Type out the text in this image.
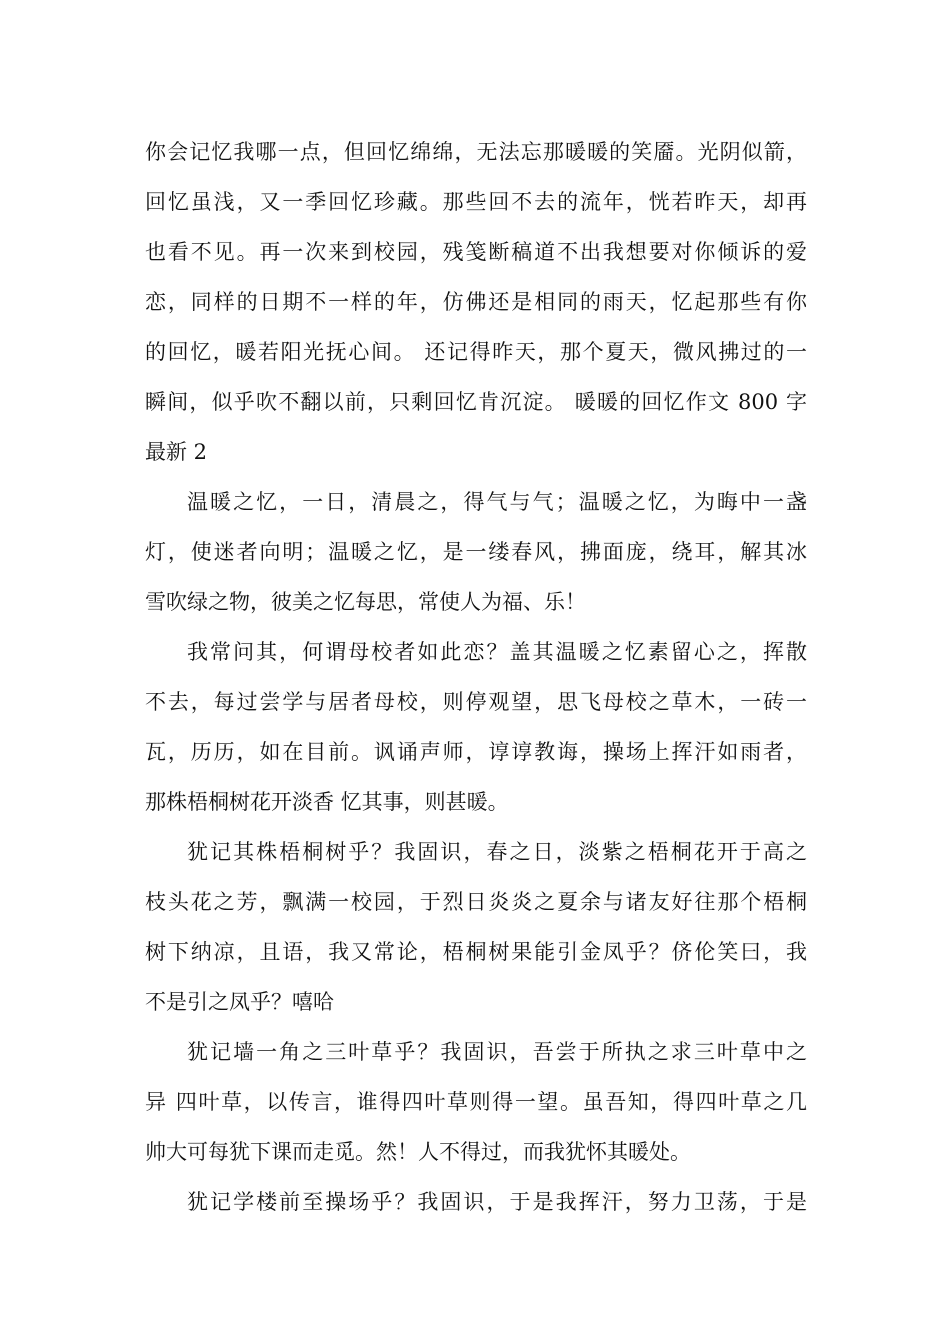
你会记忆我哪一点，但回忆绵绵，无法忘那暖暖的笑靥。光阴似箭，
回忆虽浅，又一季回忆珍藏。那些回不去的流年，恍若昨天，却再
也看不见。再一次来到校园，残笺断稿道不出我想要对你倾诉的爱
恋，同样的日期不一样的年，仿佛还是相同的雨天，忆起那些有你
的回忆，暖若阳光抚心间。 还记得昨天，那个夏天，微风拂过的一
瞬间，似乎吹不翻以前，只剩回忆肯沉淀。 暖暖的回忆作文 800 字
最新 2
温暖之忆，一日，清晨之，得气与气；温暖之忆，为晦中一盏
灯，使迷者向明；温暖之忆，是一缕春风，拂面庞，绕耳，解其冰
雪吹绿之物，彼美之忆每思，常使人为福、乐！
我常问其，何谓母校者如此恋？盖其温暖之忆素留心之，挥散
不去，每过尝学与居者母校，则停观望，思飞母校之草木，一砖一
瓦，历历，如在目前。讽诵声师，谆谆教诲，操场上挥汗如雨者，
那株梧桐树花开淡香 忆其事，则甚暖。
犹记其株梧桐树乎？我固识，春之日，淡紫之梧桐花开于高之
枝头花之芳，飘满一校园，于烈日炎炎之夏余与诸友好往那个梧桐
树下纳凉，且语，我又常论，梧桐树果能引金凤乎？侪伦笑曰，我
不是引之凤乎？嘻哈
犹记墙一角之三叶草乎？我固识，吾尝于所执之求三叶草中之
异 四叶草，以传言，谁得四叶草则得一望。虽吾知，得四叶草之几
帅大可每犹下课而走觅。然！人不得过，而我犹怀其暖处。
犹记学楼前至操场乎？我固识，于是我挥汗，努力卫荡，于是
